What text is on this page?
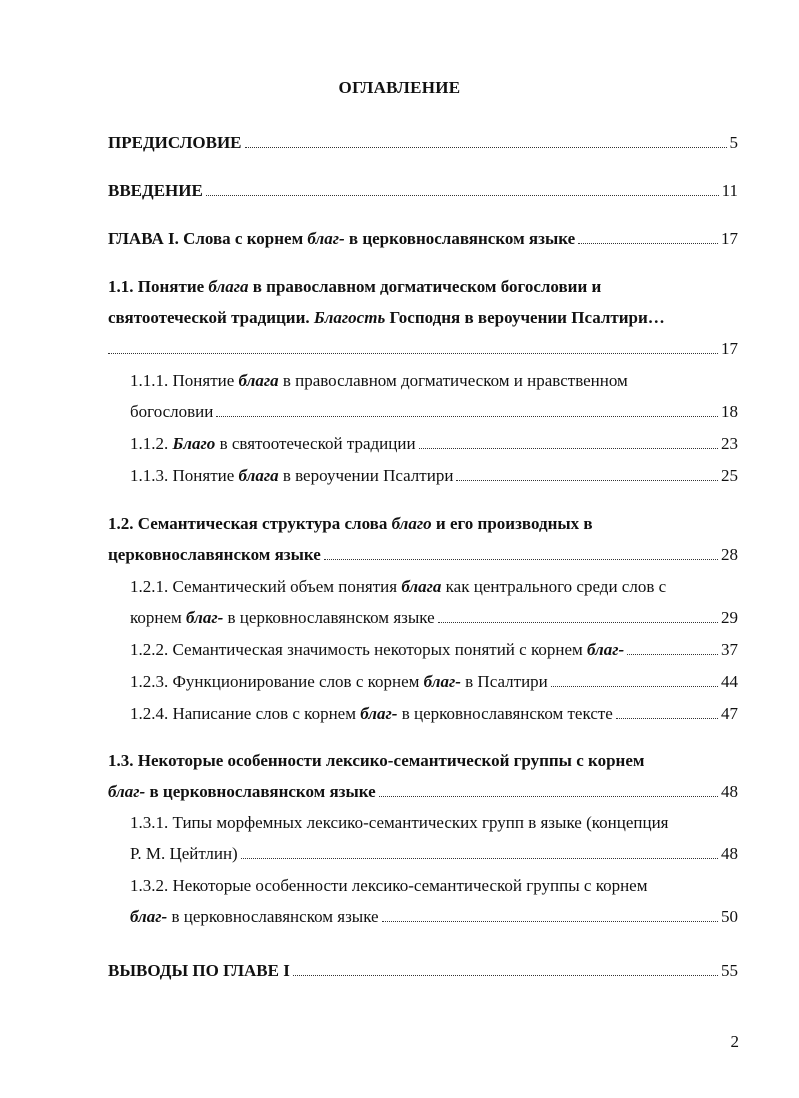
ОГЛАВЛЕНИЕ
ПРЕДИСЛОВИЕ	5
ВВЕДЕНИЕ	11
ГЛАВА I. Слова с корнем благ- в церковнославянском языке	17
1.1. Понятие блага в православном догматическом богословии и
святоотеческой традиции. Благость Господня в вероучении Псалтири…
17
1.1.1. Понятие блага в православном догматическом и нравственном
богословии	18
1.1.2. Благо в святоотеческой традиции	23
1.1.3. Понятие блага в вероучении Псалтири	25
1.2. Семантическая структура слова благо и его производных в
церковнославянском языке	28
1.2.1. Семантический объем понятия блага как центрального среди слов с
корнем благ- в церковнославянском языке	29
1.2.2. Семантическая значимость некоторых понятий с корнем благ-	37
1.2.3. Функционирование слов с корнем благ- в Псалтири	44
1.2.4. Написание слов с корнем благ- в церковнославянском тексте	47
1.3. Некоторые особенности лексико-семантической группы с корнем
благ- в церковнославянском языке	48
1.3.1. Типы морфемных лексико-семантических групп в языке (концепция
Р. М. Цейтлин)	48
1.3.2. Некоторые особенности лексико-семантической группы с корнем
благ- в церковнославянском языке	50
ВЫВОДЫ ПО ГЛАВЕ I	55
2
